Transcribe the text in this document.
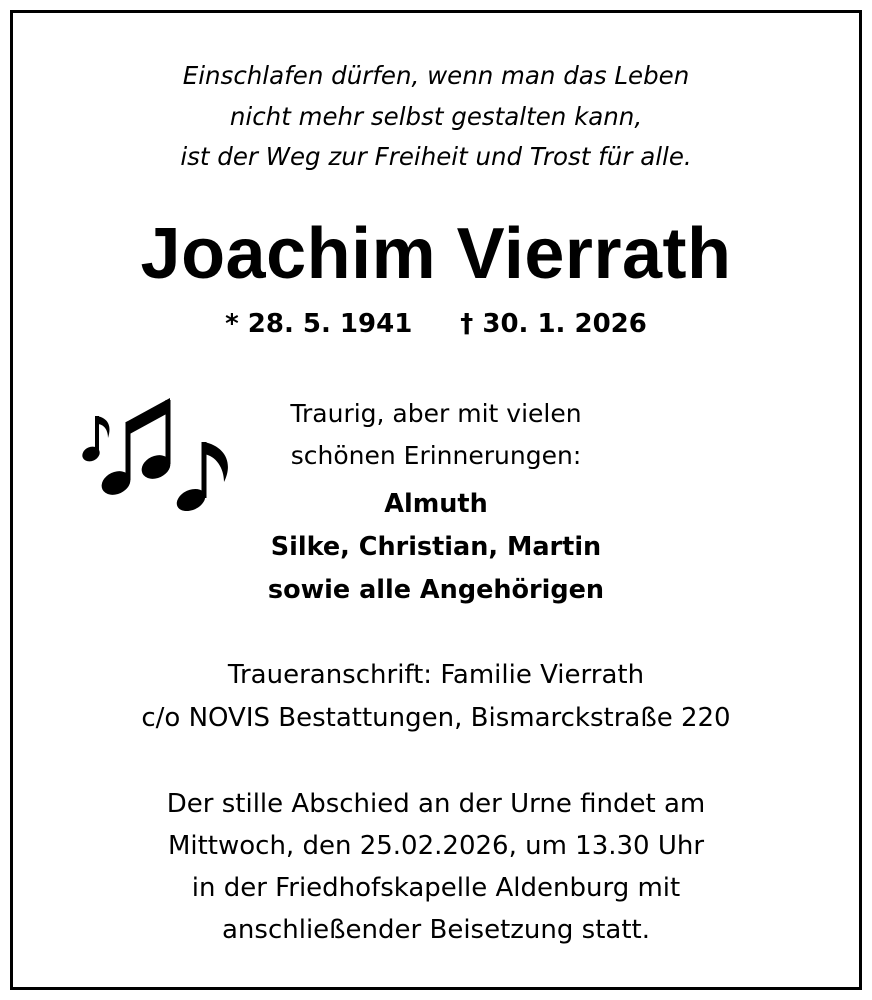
Einschlafen dürfen, wenn man das Leben
nicht mehr selbst gestalten kann,
ist der Weg zur Freiheit und Trost für alle.
Joachim Vierrath
* 28. 5. 1941 † 30. 1. 2026
Traurig, aber mit vielen
schönen Erinnerungen:
Almuth
Silke, Christian, Martin
sowie alle Angehörigen
Traueranschrift: Familie Vierrath
c/o NOVIS Bestattungen, Bismarckstraße 220
Der stille Abschied an der Urne findet am
Mittwoch, den 25.02.2026, um 13.30 Uhr
in der Friedhofskapelle Aldenburg mit
anschließender Beisetzung statt.
